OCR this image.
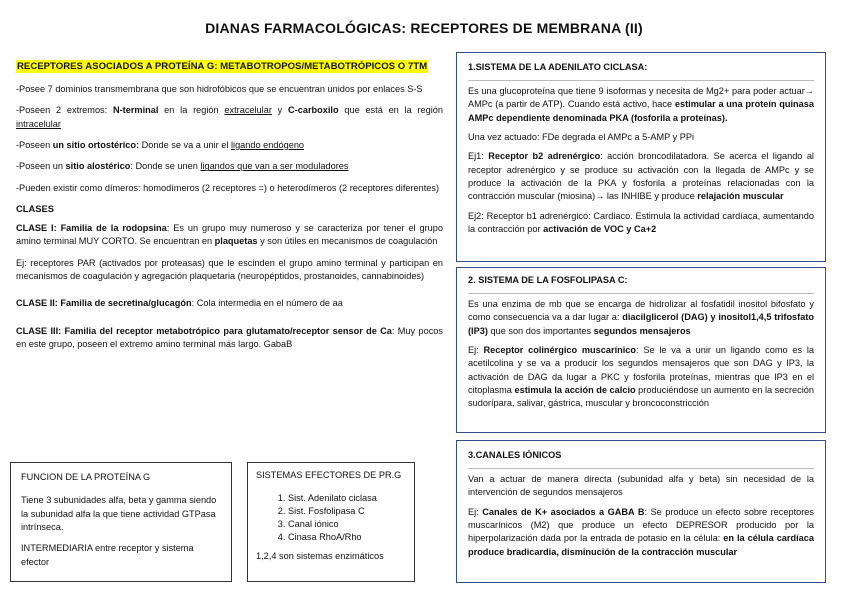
DIANAS FARMACOLÓGICAS: RECEPTORES DE MEMBRANA (II)
RECEPTORES ASOCIADOS A PROTEÍNA G: METABOTROPOS/METABOTRÓPICOS O 7TM

-Posee 7 dominios transmembrana que son hidrofóbicos que se encuentran unidos por enlaces S-S

-Poseen 2 extremos: N-terminal en la región extracelular y C-carboxilo que está en la región intracelular

-Poseen un sitio ortostérico: Donde se va a unir el ligando endógeno

-Poseen un sitio alostérico: Donde se unen ligandos que van a ser moduladores

-Pueden existir como dímeros: homodímeros (2 receptores =) o heterodímeros (2 receptores diferentes)

CLASES

CLASE I: Familia de la rodopsina: Es un grupo muy numeroso y se caracteriza por tener el grupo amino terminal MUY CORTO. Se encuentran en plaquetas y son útiles en mecanismos de coagulación

Ej: receptores PAR (activados por proteasas) que le escinden el grupo amino terminal y participan en mecanismos de coagulación y agregación plaquetaria (neuropéptidos, prostanoides, cannabinoides)

CLASE II: Familia de secretina/glucagón: Cola intermedia en el número de aa

CLASE III: Familia del receptor metabotrópico para glutamato/receptor sensor de Ca: Muy pocos en este grupo, poseen el extremo amino terminal más largo. GabaB

FUNCION DE LA PROTEÍNA G
Tiene 3 subunidades alfa, beta y gamma siendo la subunidad alfa la que tiene actividad GTPasa intrínseca.
INTERMEDIARIA entre receptor y sistema efector
SISTEMAS EFECTORES DE PR.G
1. Sist. Adenilato ciclasa
2. Sist. Fosfolipasa C
3. Canal iónico
4. Cinasa RhoA/Rho
1,2,4 son sistemas enzimáticos
1.SISTEMA DE LA ADENILATO CICLASA:

Es una glucoproteína que tiene 9 isoformas y necesita de Mg2+ para poder actuar→ AMPc (a partir de ATP). Cuando está activo, hace estimular a una proteín quinasa AMPc dependiente denominada PKA (fosforila a proteínas).

Una vez actuado: FDe degrada el AMPc a 5-AMP y PPi

Ej1: Receptor b2 adrenérgico: acción broncodilatadora. Se acerca el ligando al receptor adrenérgico y se produce su activación con la llegada de AMPc y se produce la activación de la PKA y fosforila a proteínas relacionadas con la contracción muscular (miosina)→ las INHIBE y produce relajación muscular

Ej2: Receptor b1 adrenérgico: Cardiaco. Estimula la actividad cardíaca, aumentando la contracción por activación de VOC y Ca+2

2. SISTEMA DE LA FOSFOLIPASA C:

Es una enzima de mb que se encarga de hidrolizar al fosfatidil inositol bifosfato y como consecuencia va a dar lugar a: diacilglicerol (DAG) y inositol1,4,5 trifosfato (IP3) que son dos importantes segundos mensajeros

Ej: Receptor colinérgico muscarínico: Se le va a unir un ligando como es la acetilcolina y se va a producir los segundos mensajeros que son DAG y IP3, la activación de DAG da lugar a PKC y fosforila proteínas, mientras que IP3 en el citoplasma estimula la acción de calcio produciéndose un aumento en la secreción sudorípara, salivar, gástrica, muscular y broncoconstricción

3.CANALES IÓNICOS

Van a actuar de manera directa (subunidad alfa y beta) sin necesidad de la intervención de segundos mensajeros

Ej: Canales de K+ asociados a GABA B: Se produce un efecto sobre receptores muscarínicos (M2) que produce un efecto DEPRESOR producido por la hiperpolarización dada por la entrada de potasio en la célula: en la célula cardíaca produce bradicardia, disminución de la contracción muscular
